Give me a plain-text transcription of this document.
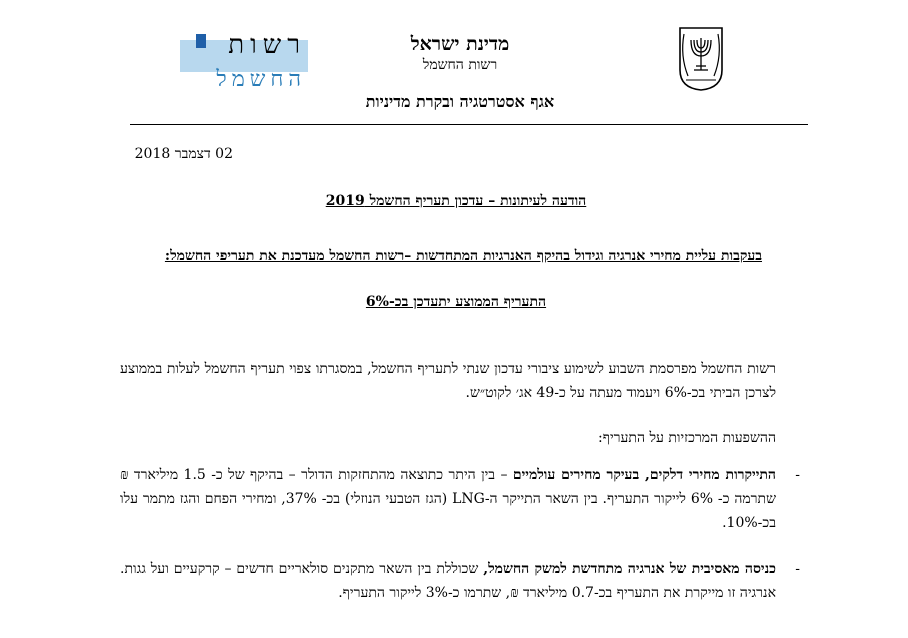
רשות
החשמל
מדינת ישראל
רשות החשמל
אגף אסטרטגיה ובקרת מדיניות
02 דצמבר 2018
הודעה לעיתונות – עדכון תעריף החשמל 2019
בעקבות עליית מחירי אנרגיה וגידול בהיקף האנרגיות המתחדשות –רשות החשמל מעדכנת את תעריפי החשמל:
התעריף הממוצע יתעדכן בכ-6%
רשות החשמל מפרסמת השבוע לשימוע ציבורי עדכון שנתי לתעריף החשמל, במסגרתו צפוי תעריף החשמל לעלות בממוצע לצרכן הביתי בכ-6% ויעמוד מעתה על כ-49 אג׳ לקוט״ש.
ההשפעות המרכזיות על התעריף:
-
התייקרות מחירי דלקים, בעיקר מחירים עולמיים – בין היתר כתוצאה מהתחזקות הדולר – בהיקף של כ- 1.5 מיליארד ₪ שתרמה כ- 6% לייקור התעריף. בין השאר התייקר ה-LNG (הגז הטבעי הנוזלי) בכ- 37%, ומחירי הפחם והגז מתמר עלו בכ-10%.
-
כניסה מאסיבית של אנרגיה מתחדשת למשק החשמל, שכוללת בין השאר מתקנים סולאריים חדשים – קרקעיים ועל גגות. אנרגיה זו מייקרת את התעריף בכ-0.7 מיליארד ₪, שתרמו כ-3% לייקור התעריף.
